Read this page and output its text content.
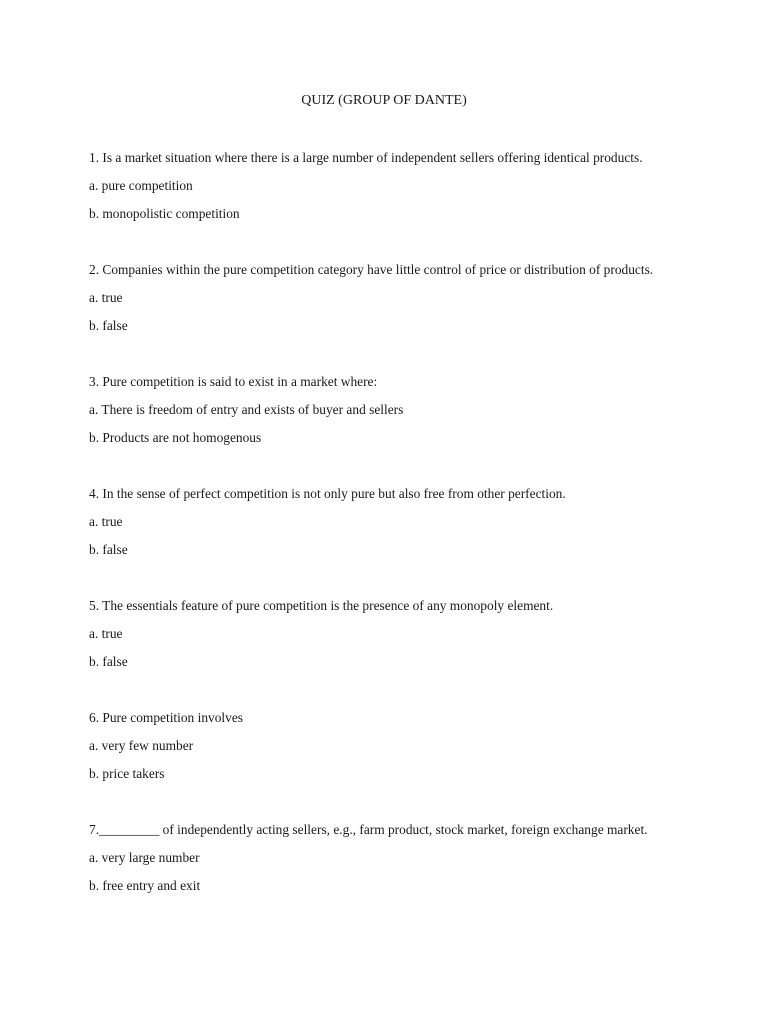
QUIZ (GROUP OF DANTE)
1. Is a market situation where there is a large number of independent sellers offering identical products.
a. pure competition
b. monopolistic competition
2. Companies within the pure competition category have little control of price or distribution of products.
a. true
b. false
3. Pure competition is said to exist in a market where:
a. There is freedom of entry and exists of buyer and sellers
b. Products are not homogenous
4. In the sense of perfect competition is not only pure but also free from other perfection.
a. true
b. false
5. The essentials feature of pure competition is the presence of any monopoly element.
a. true
b. false
6. Pure competition involves
a. very few number
b. price takers
7._________ of independently acting sellers, e.g., farm product, stock market, foreign exchange market.
a. very large number
b. free entry and exit
